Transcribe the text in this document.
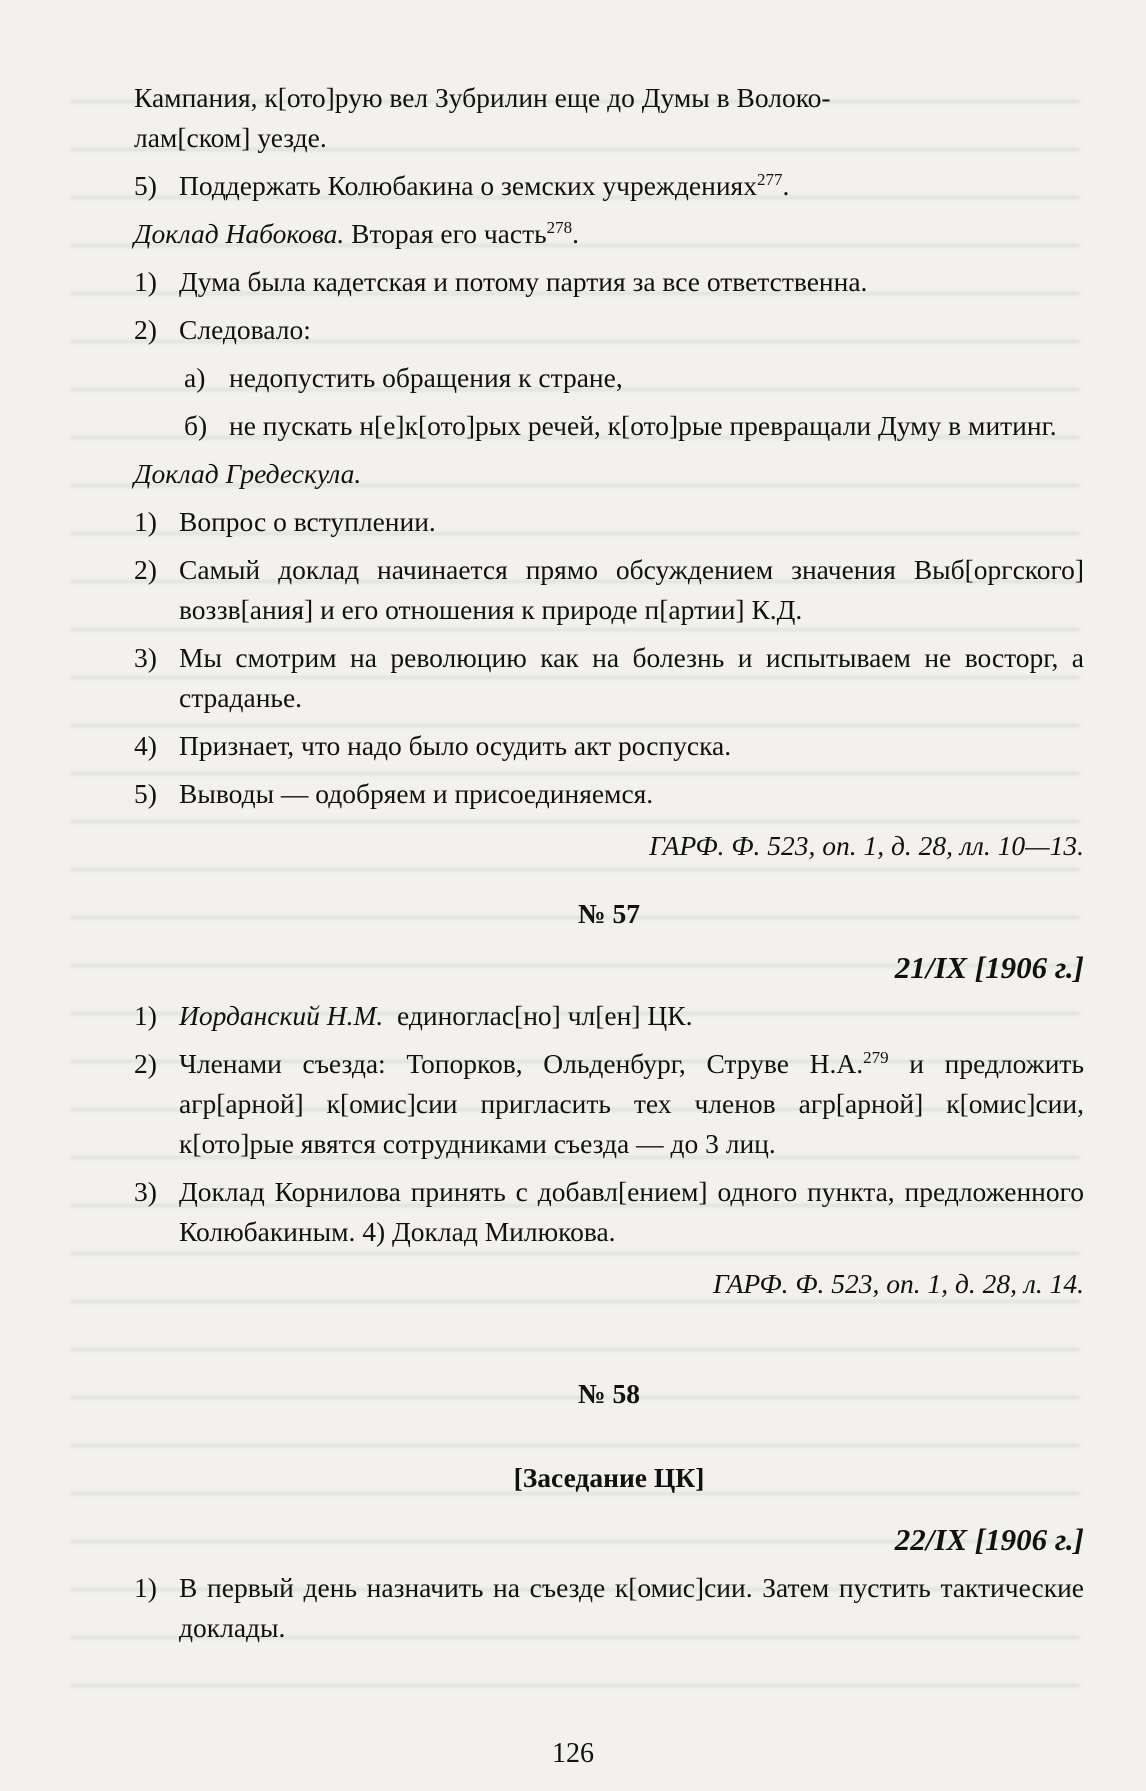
Кампания, к[ото]рую вел Зубрилин еще до Думы в Волоко-
лам[ском] уезде.

5) Поддержать Колюбакина о земских учреждениях$^{277}$.

Доклад Набокова. Вторая его часть$^{278}$.

1) Дума была кадетская и потому партия за все ответственна.
2) Следовало:
а) недопустить обращения к стране,
б) не пускать н[е]к[ото]рых речей, к[ото]рые превращали Думу в митинг.

Доклад Гредескула.

1) Вопрос о вступлении.
2) Самый доклад начинается прямо обсуждением значения Выб[оргского] воззв[ания] и его отношения к природе п[артии] К.Д.
3) Мы смотрим на революцию как на болезнь и испытываем не восторг, а страданье.
4) Признает, что надо было осудить акт роспуска.
5) Выводы — одобряем и присоединяемся.

ГАРФ. Ф. 523, оп. 1, д. 28, лл. 10—13.

№ 57

21/IX [1906 г.]

1) Иорданский Н.М. единоглас[но] чл[ен] ЦК.
2) Членами съезда: Топорков, Ольденбург, Струве Н.А.$^{279}$ и предложить агр[арной] к[омис]сии пригласить тех членов агр[арной] к[омис]сии, к[ото]рые явятся сотрудниками съезда — до 3 лиц.
3) Доклад Корнилова принять с добавл[ением] одного пункта, предложенного Колюбакиным. 4) Доклад Милюкова.

ГАРФ. Ф. 523, оп. 1, д. 28, л. 14.

№ 58

[Заседание ЦК]

22/IX [1906 г.]

1) В первый день назначить на съезде к[омис]сии. Затем пустить тактические доклады.
126
